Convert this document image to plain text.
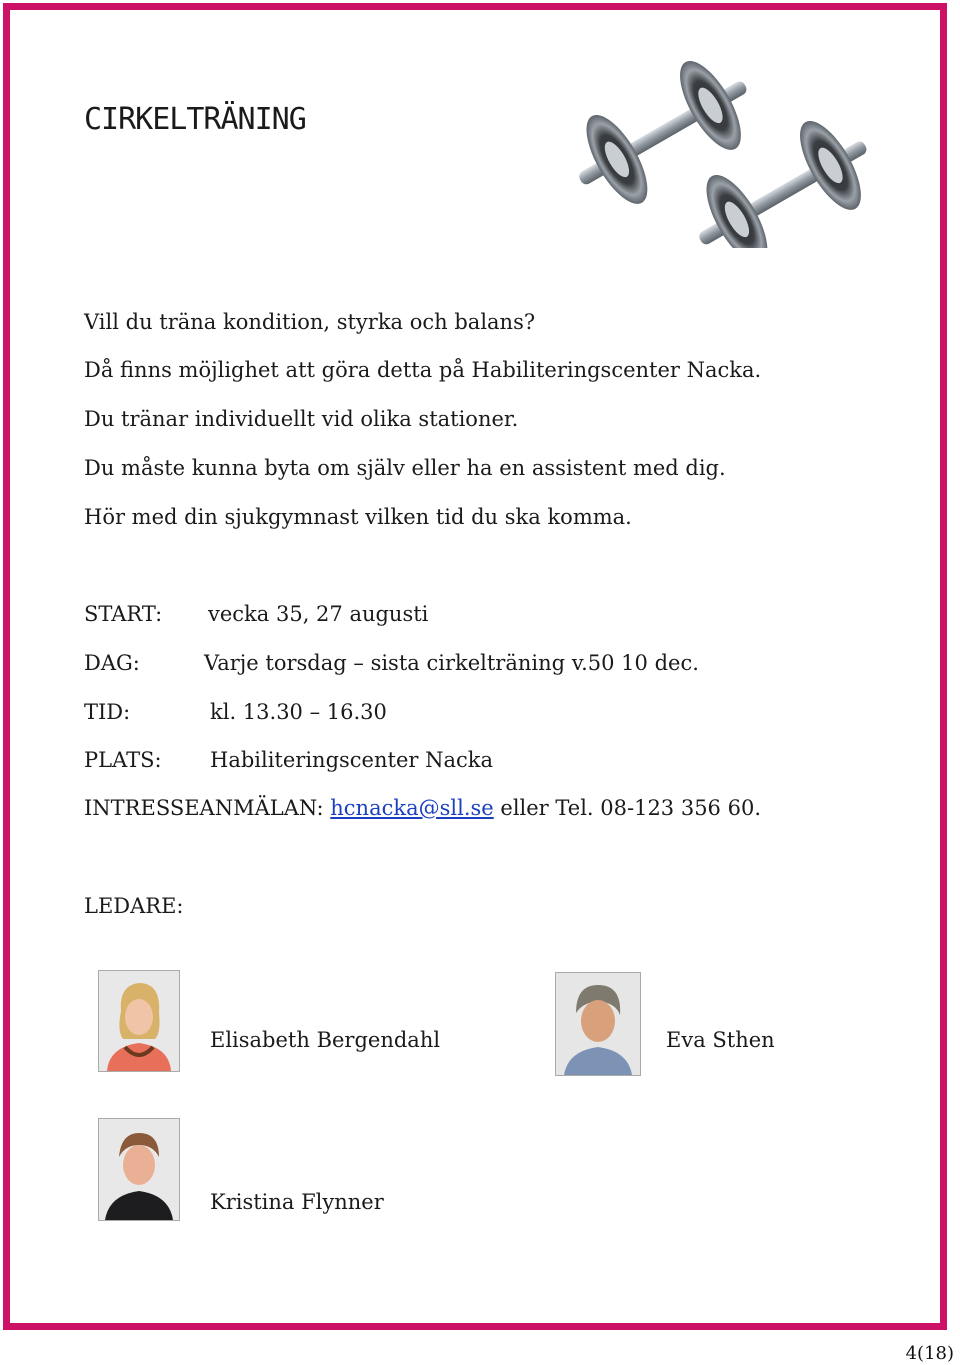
CIRKELTRÄNING

Vill du träna kondition, styrka och balans?

Då finns möjlighet att göra detta på Habiliteringscenter Nacka.

Du tränar individuellt vid olika stationer.

Du måste kunna byta om själv eller ha en assistent med dig.

Hör med din sjukgymnast vilken tid du ska komma.

START: vecka 35, 27 augusti
DAG:	Varje torsdag – sista cirkelträning v.50 10 dec.
TID:	kl. 13.30 – 16.30
PLATS: Habiliteringscenter Nacka
INTRESSEANMÄLAN: hcnacka@sll.se eller Tel. 08-123 356 60.
LEDARE:
Elisabeth Bergendahl	Eva Sthen
Kristina Flynner
4(18)
